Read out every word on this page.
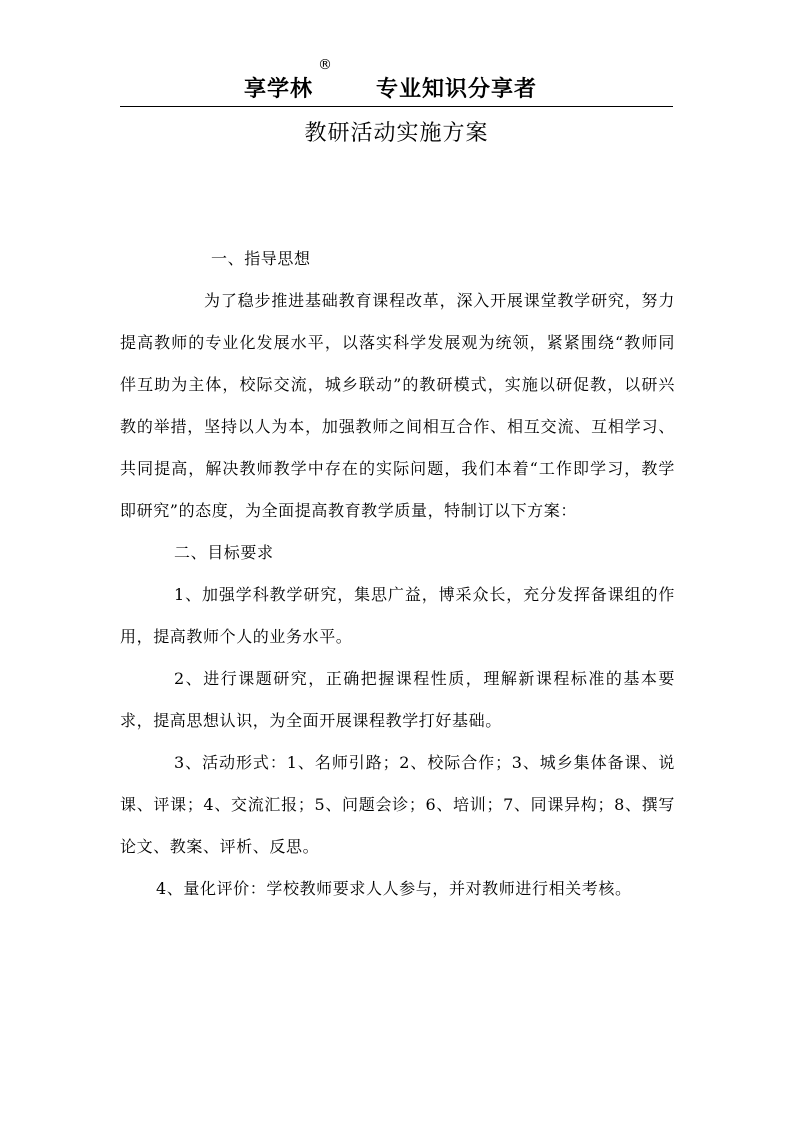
享学林
®
专业知识分享者
教研活动实施方案

一、指导思想

为了稳步推进基础教育课程改革，深入开展课堂教学研究，努力提高教师的专业化发展水平，以落实科学发展观为统领，紧紧围绕“教师同伴互助为主体，校际交流，城乡联动”的教研模式，实施以研促教，以研兴教的举措，坚持以人为本，加强教师之间相互合作、相互交流、互相学习、共同提高，解决教师教学中存在的实际问题，我们本着“工作即学习，教学即研究”的态度，为全面提高教育教学质量，特制订以下方案：

二、目标要求

1、加强学科教学研究，集思广益，博采众长，充分发挥备课组的作用，提高教师个人的业务水平。

2、进行课题研究，正确把握课程性质，理解新课程标准的基本要求，提高思想认识，为全面开展课程教学打好基础。

3、活动形式：1、名师引路；2、校际合作；3、城乡集体备课、说课、评课；4、交流汇报；5、问题会诊；6、培训；7、同课异构；8、撰写论文、教案、评析、反思。

4、量化评价：学校教师要求人人参与，并对教师进行相关考核。
